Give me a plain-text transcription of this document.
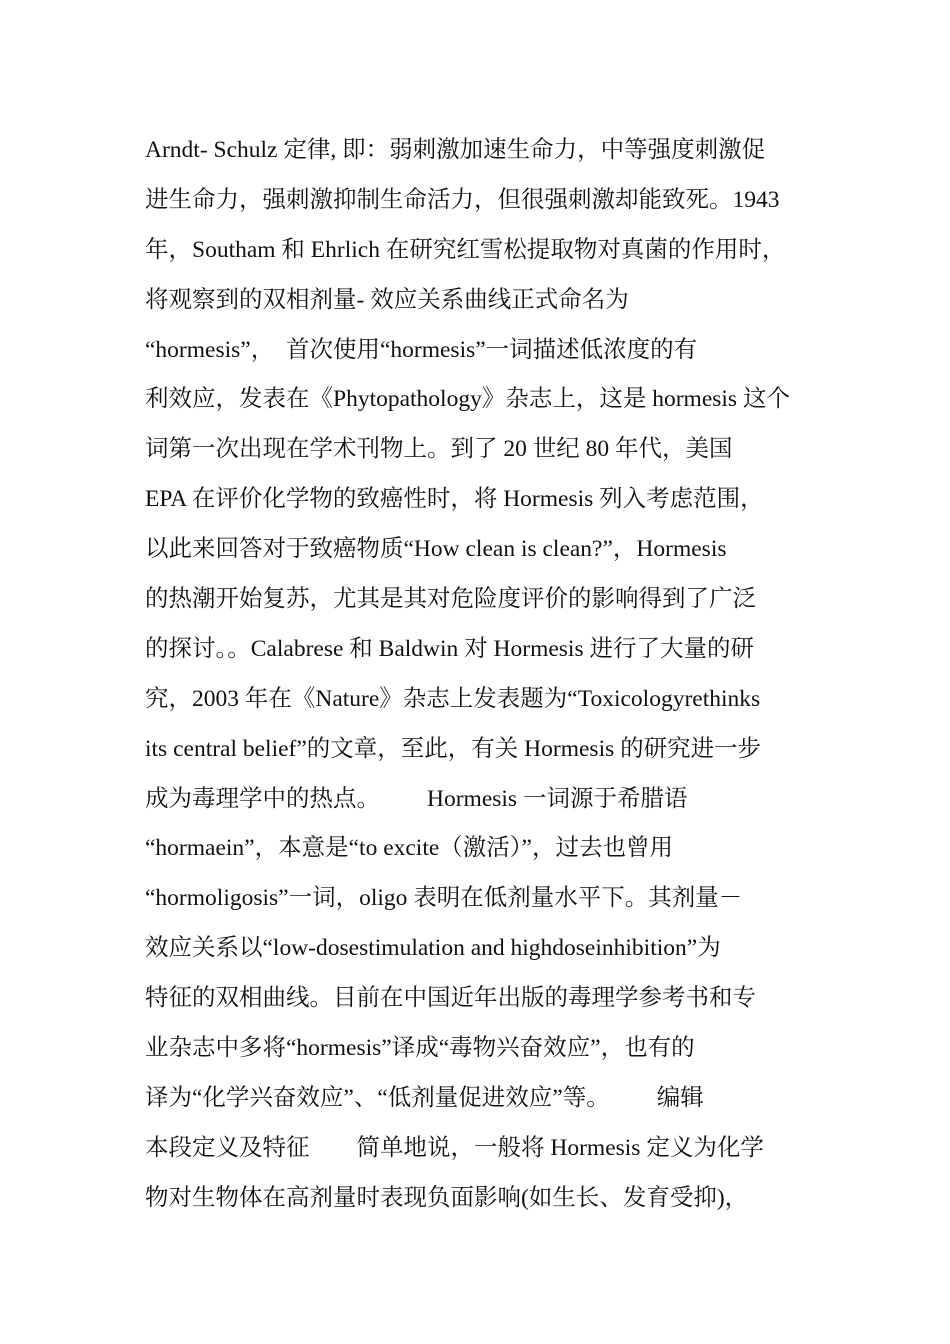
Arndt- Schulz 定律, 即：弱刺激加速生命力，中等强度刺激促
进生命力，强刺激抑制生命活力，但很强刺激却能致死。1943
年，Southam 和 Ehrlich 在研究红雪松提取物对真菌的作用时，
将观察到的双相剂量- 效应关系曲线正式命名为
“hormesis”，  首次使用“hormesis”一词描述低浓度的有
利效应，发表在《Phytopathology》杂志上，这是 hormesis 这个
词第一次出现在学术刊物上。到了 20 世纪 80 年代，美国
EPA 在评价化学物的致癌性时，将 Hormesis 列入考虑范围，
以此来回答对于致癌物质“How clean is clean?”，Hormesis
的热潮开始复苏，尤其是其对危险度评价的影响得到了广泛
的探讨。。Calabrese 和 Baldwin 对 Hormesis 进行了大量的研
究，2003 年在《Nature》杂志上发表题为“Toxicologyrethinks
its central belief”的文章，至此，有关 Hormesis 的研究进一步
成为毒理学中的热点。        Hormesis 一词源于希腊语
“hormaein”，本意是“to excite（激活）”，过去也曾用
“hormoligosis”一词，oligo 表明在低剂量水平下。其剂量－
效应关系以“low-dosestimulation and highdoseinhibition”为
特征的双相曲线。目前在中国近年出版的毒理学参考书和专
业杂志中多将“hormesis”译成“毒物兴奋效应”，也有的
译为“化学兴奋效应”、“低剂量促进效应”等。        编辑
本段定义及特征        简单地说，一般将 Hormesis 定义为化学
物对生物体在高剂量时表现负面影响(如生长、发育受抑)，
